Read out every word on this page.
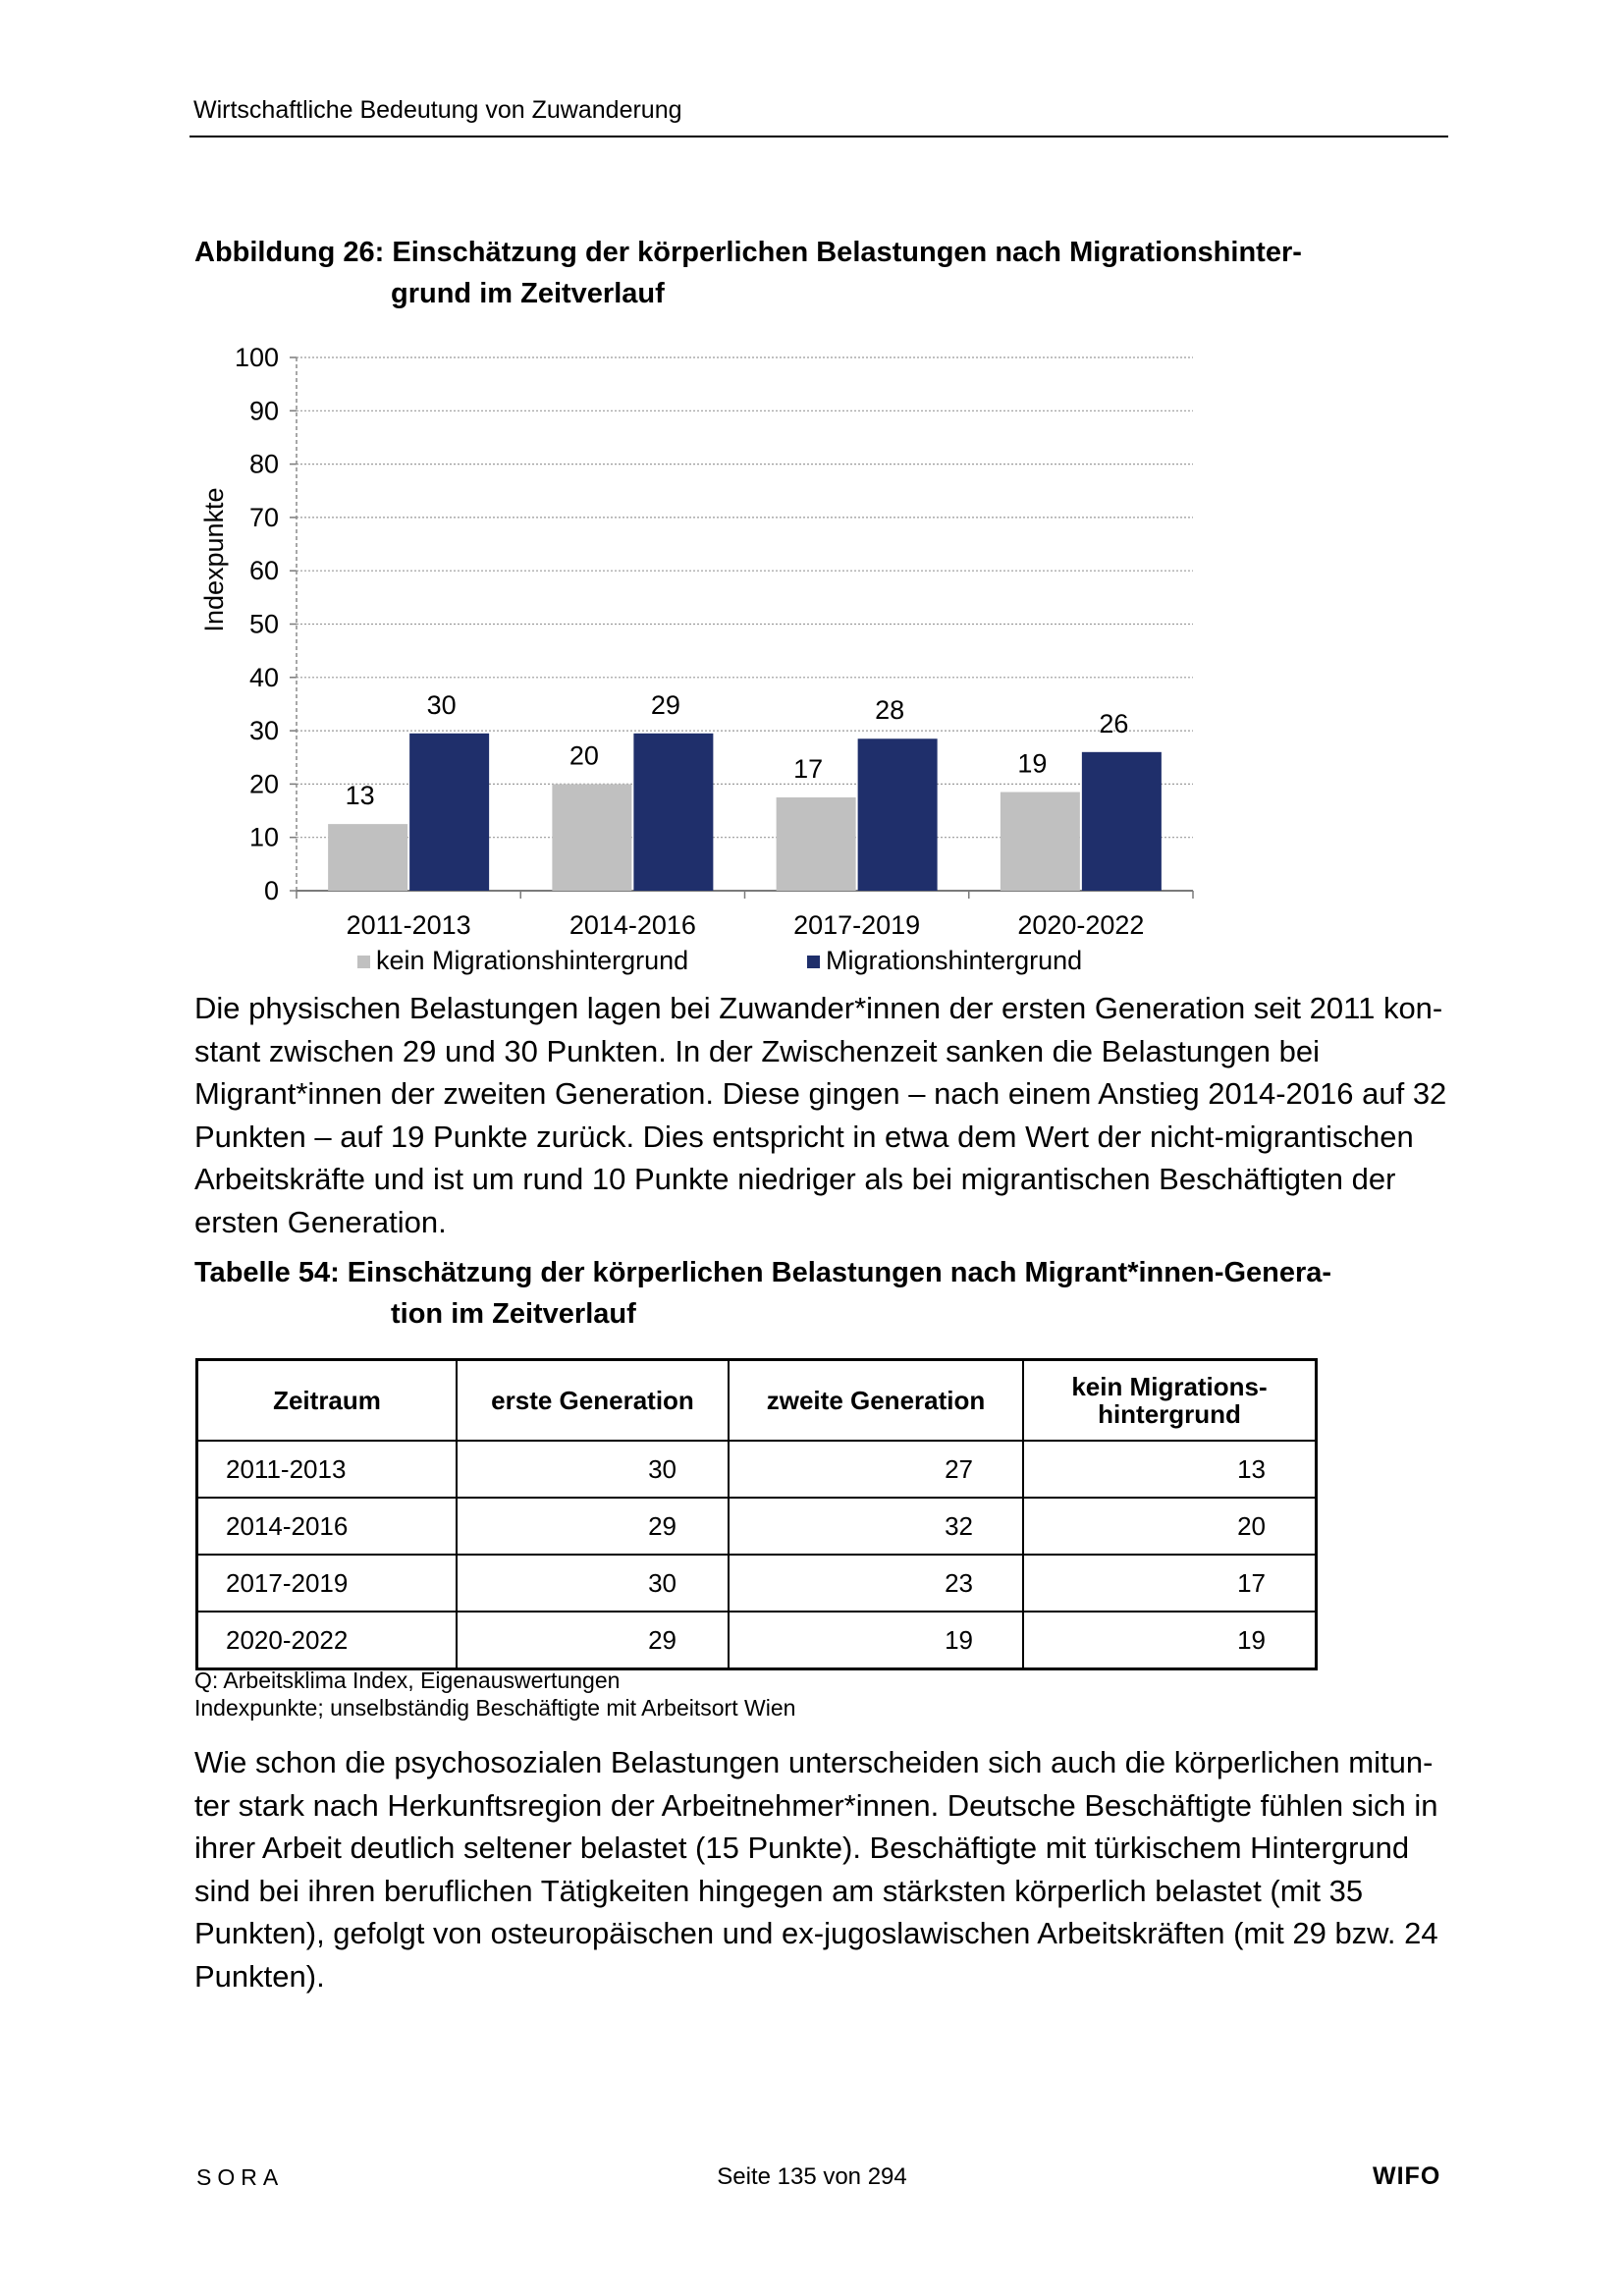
Wirtschaftliche Bedeutung von Zuwanderung
Abbildung 26: Einschätzung der körperlichen Belastungen nach Migrationshinter-
grund im Zeitverlauf
13
30
20
29
17
28
19
26
0
10
20
30
40
50
60
70
80
90
100
2011-2013	2014-2016	2017-2019	2020-2022
Indexpunkte
kein Migrationshintergrund	Migrationshintergrund
Die physischen Belastungen lagen bei Zuwander*innen der ersten Generation seit 2011 kon-stant zwischen 29 und 30 Punkten. In der Zwischenzeit sanken die Belastungen bei Migrant*innen der zweiten Generation. Diese gingen – nach einem Anstieg 2014-2016 auf 32 Punkten – auf 19 Punkte zurück. Dies entspricht in etwa dem Wert der nicht-migrantischen Arbeitskräfte und ist um rund 10 Punkte niedriger als bei migrantischen Beschäftigten der ersten Generation.
Tabelle 54: Einschätzung der körperlichen Belastungen nach Migrant*innen-Genera-
tion im Zeitverlauf
Zeitraum	erste Generation	zweite Generation	kein Migrations-
hintergrund
2011-2013	30	27	13
2014-2016	29	32	20
2017-2019	30	23	17
2020-2022	29	19	19
Q: Arbeitsklima Index, Eigenauswertungen
Indexpunkte; unselbständig Beschäftigte mit Arbeitsort Wien
Wie schon die psychosozialen Belastungen unterscheiden sich auch die körperlichen mitun-ter stark nach Herkunftsregion der Arbeitnehmer*innen. Deutsche Beschäftigte fühlen sich in ihrer Arbeit deutlich seltener belastet (15 Punkte). Beschäftigte mit türkischem Hintergrund sind bei ihren beruflichen Tätigkeiten hingegen am stärksten körperlich belastet (mit 35 Punkten), gefolgt von osteuropäischen und ex-jugoslawischen Arbeitskräften (mit 29 bzw. 24 Punkten).
SORA	Seite 135 von 294	WIFO
